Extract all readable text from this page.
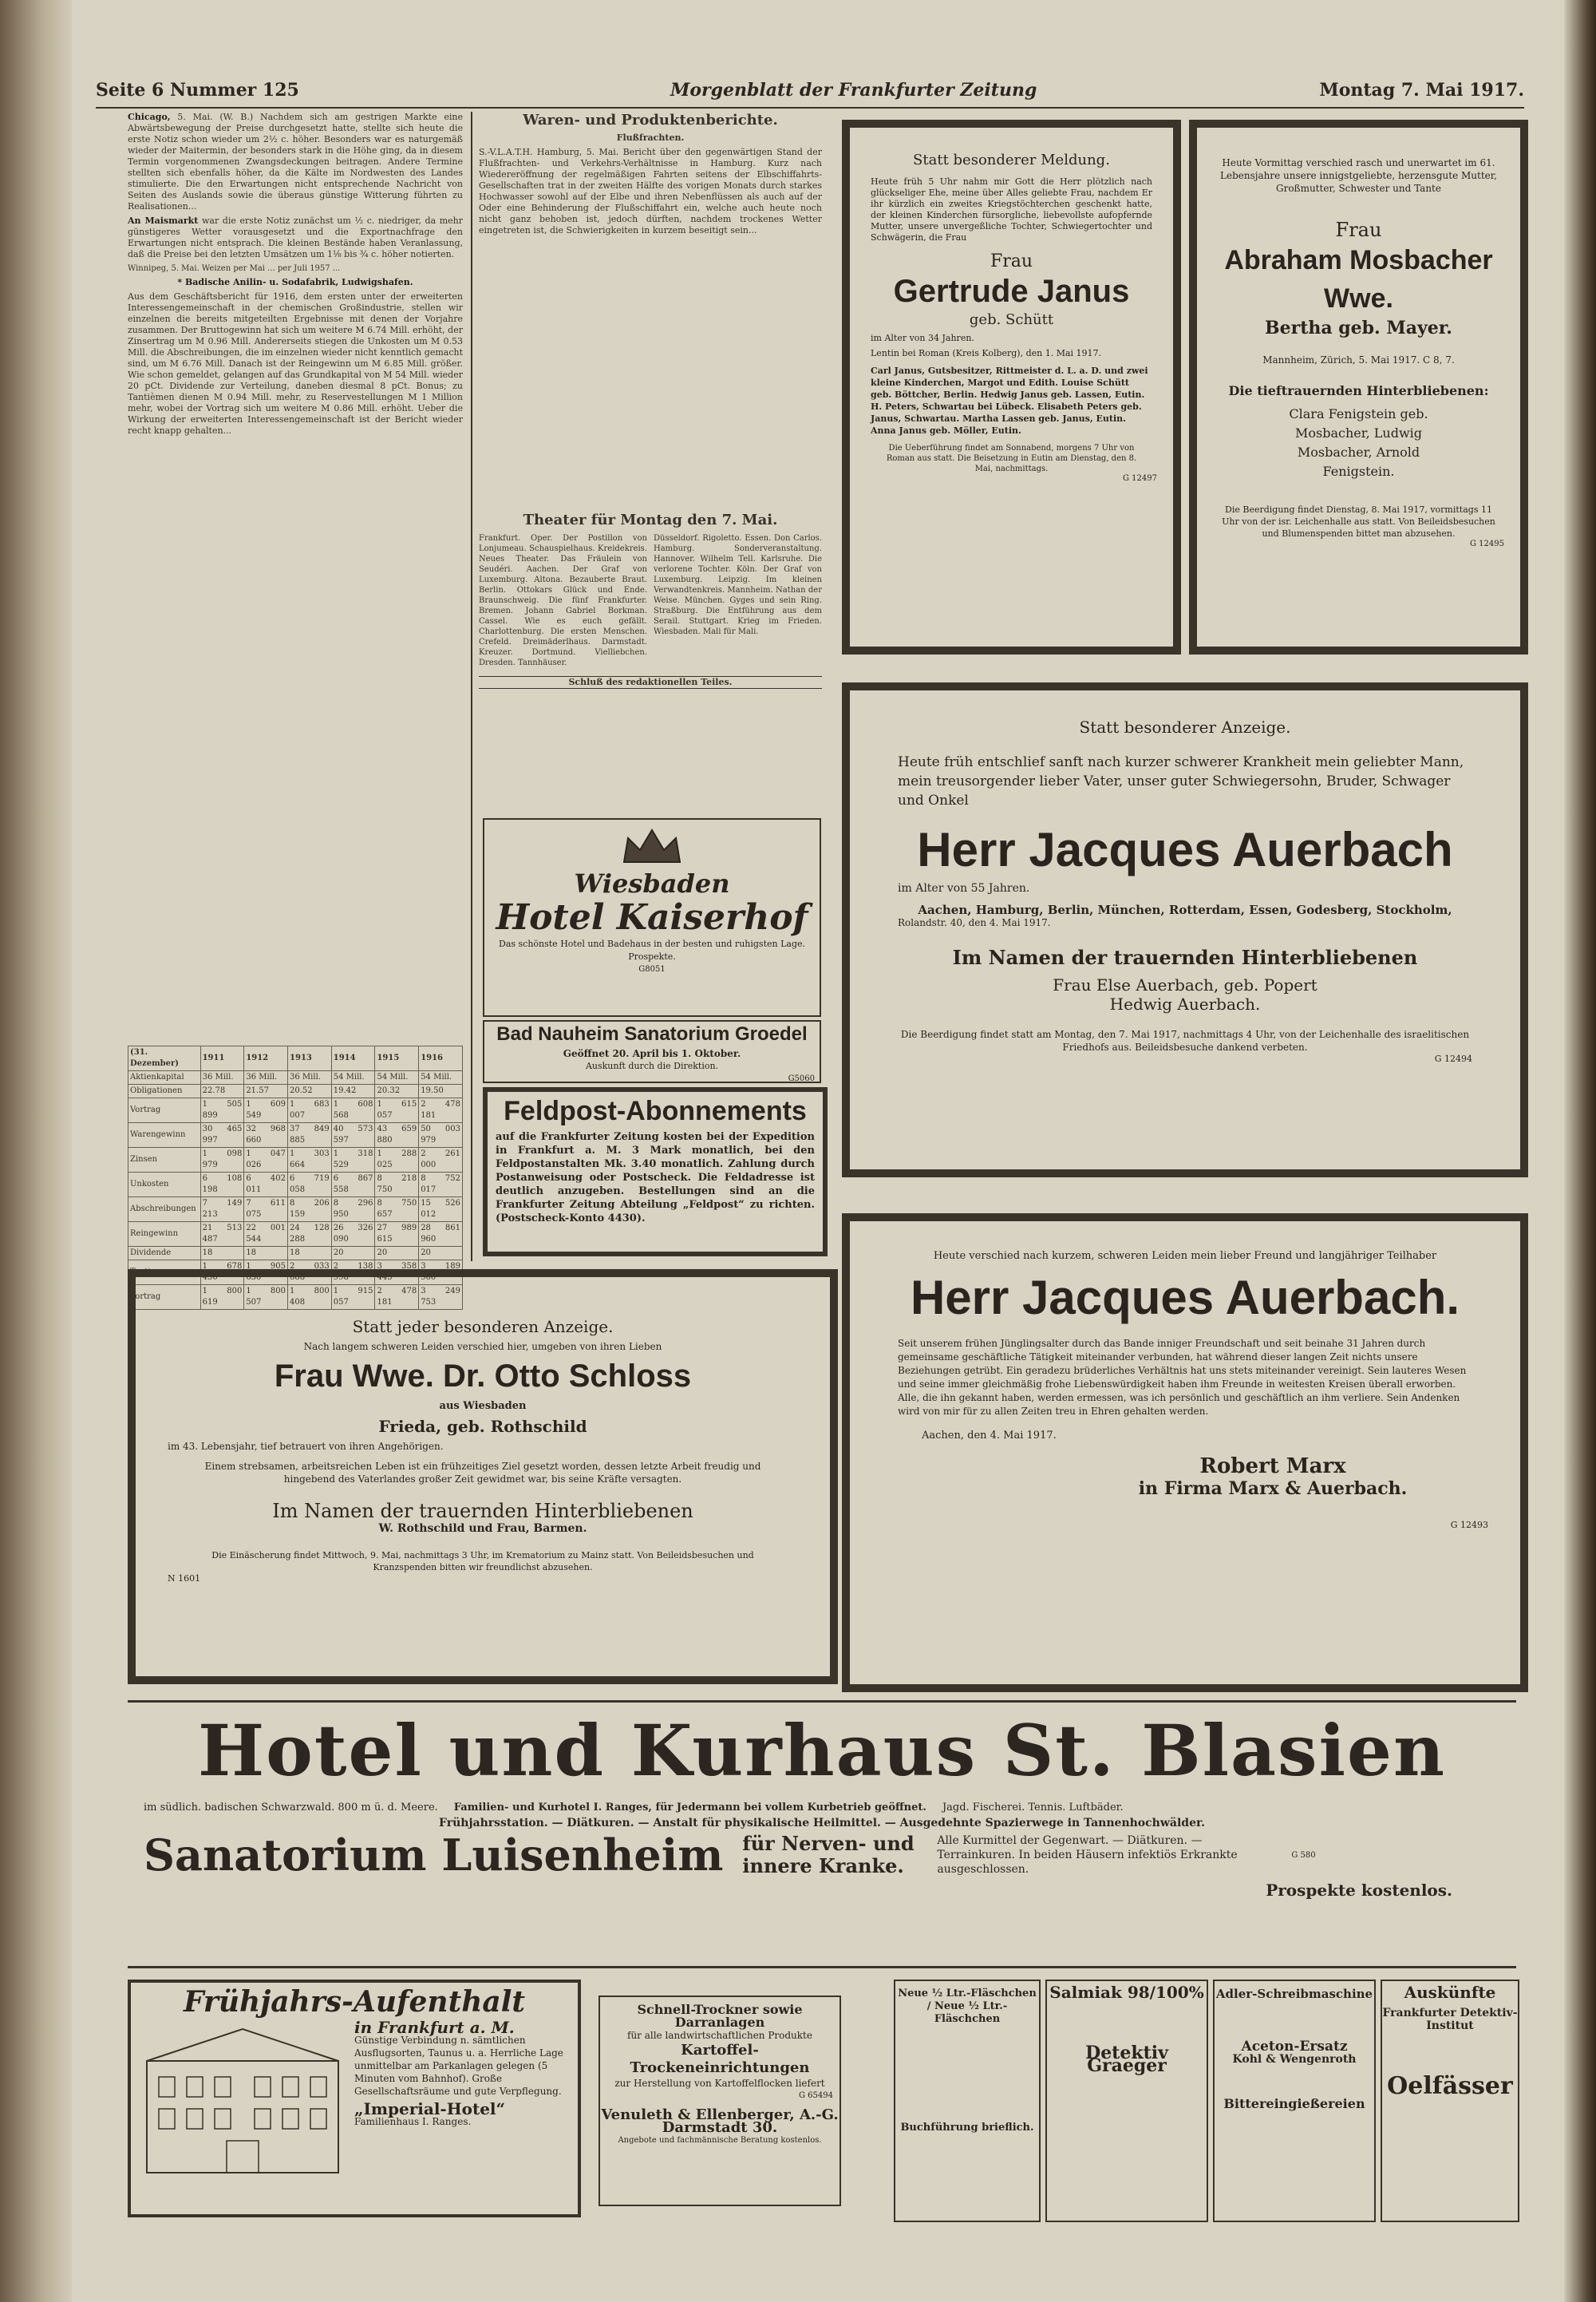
Seite 6 Nummer 125	Morgenblatt der Frankfurter Zeitung	Montag 7. Mai 1917.

Chicago, 5. Mai. (W. B.) Nachdem sich am gestrigen Markte eine Abwärtsbewegung der Preise durchgesetzt hatte, stellte sich heute die erste Notiz schon wieder um 2½ c. höher. Besonders war es naturgemäß wieder der Maitermin, der besonders stark in die Höhe ging, da in diesem Termin vorgenommenen Zwangsdeckungen beitragen. Andere Termine stellten sich ebenfalls höher, da die Kälte im Nordwesten des Landes stimulierte. Die den Erwartungen nicht entsprechende Nachricht von Seiten des Auslands sowie die überaus günstige Witterung führten zu Realisationen...

An Maismarkt war die erste Notiz zunächst um ½ c. niedriger, da mehr günstigeres Wetter vorausgesetzt und die Exportnachfrage den Erwartungen nicht entsprach. Die kleinen Bestände haben Veranlassung, daß die Preise bei den letzten Umsätzen um 1⅛ bis ¾ c. höher notierten.

Winnipeg, 5. Mai. Weizen per Mai ... per Juli 1957 ...

* Badische Anilin- u. Sodafabrik, Ludwigshafen.

Aus dem Geschäftsbericht für 1916, dem ersten unter der erweiterten Interessengemeinschaft in der chemischen Großindustrie, stellen wir einzelnen die bereits mitgeteilten Ergebnisse mit denen der Vorjahre zusammen. Der Bruttogewinn hat sich um weitere M 6.74 Mill. erhöht, der Zinsertrag um M 0.96 Mill. Andererseits stiegen die Unkosten um M 0.53 Mill. die Abschreibungen, die im einzelnen wieder nicht kenntlich gemacht sind, um M 6.76 Mill. Danach ist der Reingewinn um M 6.85 Mill. größer. Wie schon gemeldet, gelangen auf das Grundkapital von M 54 Mill. wieder 20 pCt. Dividende zur Verteilung, daneben diesmal 8 pCt. Bonus; zu Tantièmen dienen M 0.94 Mill. mehr, zu Reservestellungen M 1 Million mehr, wobei der Vortrag sich um weitere M 0.86 Mill. erhöht. Ueber die Wirkung der erweiterten Interessengemeinschaft ist der Bericht wieder recht knapp gehalten...

(31. Dezember)	1911	1912	1913	1914	1915	1916
Aktienkapital	36 Mill.	36 Mill.	36 Mill.	54 Mill.	54 Mill.	54 Mill.
Obligationen	22.78	21.57	20.52	19.42	20.32	19.50
Vortrag	1 505 899	1 609 549	1 683 007	1 608 568	1 615 057	2 478 181
Warengewinn	30 465 997	32 968 660	37 849 885	40 573 597	43 659 880	50 003 979
Zinsen	1 098 979	1 047 026	1 303 664	1 318 529	1 288 025	2 261 000
Unkosten	6 108 198	6 402 011	6 719 058	6 867 558	8 218 750	8 752 017
Abschreibungen	7 149 213	7 611 075	8 206 159	8 296 950	8 750 657	15 526 012
Reingewinn	21 513 487	22 001 544	24 128 288	26 326 090	27 989 615	28 861 960
Dividende	18	18	18	20	20	20
Tantieme	1 678 430	1 905 630	2 033 688	2 138 998	3 358 445	3 189 960
Vortrag	1 800 619	1 800 507	1 800 408	1 915 057	2 478 181	3 249 753

Waren- und Produktenberichte.

Flußfrachten.

S.-V.L.A.T.H. Hamburg, 5. Mai. Bericht über den gegenwärtigen Stand der Flußfrachten- und Verkehrs-Verhältnisse in Hamburg. Kurz nach Wiedereröffnung der regelmäßigen Fahrten seitens der Elbschiffahrts-Gesellschaften trat in der zweiten Hälfte des vorigen Monats durch starkes Hochwasser sowohl auf der Elbe und ihren Nebenflüssen als auch auf der Oder eine Behinderung der Flußschiffahrt ein, welche auch heute noch nicht ganz behoben ist, jedoch dürften, nachdem trockenes Wetter eingetreten ist, die Schwierigkeiten in kurzem beseitigt sein...

Theater für Montag den 7. Mai.

Frankfurt. Oper. Der Postillon von Lonjumeau. Schauspielhaus. Kreidekreis. Neues Theater. Das Fräulein von Seudéri. Aachen. Der Graf von Luxemburg. Altona. Bezauberte Braut. Berlin. Ottokars Glück und Ende. Braunschweig. Die fünf Frankfurter. Bremen. Johann Gabriel Borkman. Cassel. Wie es euch gefällt. Charlottenburg. Die ersten Menschen. Crefeld. Dreimäderlhaus. Darmstadt. Kreuzer. Dortmund. Vielliebchen. Dresden. Tannhäuser.

Düsseldorf. Rigoletto. Essen. Don Carlos. Hamburg. Sonderveranstaltung. Hannover. Wilhelm Tell. Karlsruhe. Die verlorene Tochter. Köln. Der Graf von Luxemburg. Leipzig. Im kleinen Verwandtenkreis. Mannheim. Nathan der Weise. München. Gyges und sein Ring. Straßburg. Die Entführung aus dem Serail. Stuttgart. Krieg im Frieden. Wiesbaden. Mali für Mali.

Schluß des redaktionellen Teiles.

Wiesbaden
Hotel Kaiserhof
Das schönste Hotel und Badehaus in der besten und ruhigsten Lage. Prospekte.
G8051
Bad Nauheim Sanatorium Groedel
Geöffnet 20. April bis 1. Oktober.
Auskunft durch die Direktion.
G5060
Feldpost-Abonnements
auf die Frankfurter Zeitung kosten bei der Expedition in Frankfurt a. M. 3 Mark monatlich, bei den Feldpostanstalten Mk. 3.40 monatlich. Zahlung durch Postanweisung oder Postscheck. Die Feldadresse ist deutlich anzugeben. Bestellungen sind an die Frankfurter Zeitung Abteilung „Feldpost“ zu richten. (Postscheck-Konto 4430).
Statt besonderer Meldung.
Heute früh 5 Uhr nahm mir Gott die Herr plötzlich nach glückseliger Ehe, meine über Alles geliebte Frau, nachdem Er ihr kürzlich ein zweites Kriegstöchterchen geschenkt hatte, der kleinen Kinderchen fürsorgliche, liebevollste aufopfernde Mutter, unsere unvergeßliche Tochter, Schwiegertochter und Schwägerin, die Frau
Frau
Gertrude Janus
geb. Schütt
im Alter von 34 Jahren.
Lentin bei Roman (Kreis Kolberg), den 1. Mai 1917.
Carl Janus, Gutsbesitzer, Rittmeister d. L. a. D. und zwei kleine Kinderchen, Margot und Edith. Louise Schütt geb. Böttcher, Berlin. Hedwig Janus geb. Lassen, Eutin. H. Peters, Schwartau bei Lübeck. Elisabeth Peters geb. Janus, Schwartau. Martha Lassen geb. Janus, Eutin. Anna Janus geb. Möller, Eutin.
Die Ueberführung findet am Sonnabend, morgens 7 Uhr von Roman aus statt. Die Beisetzung in Eutin am Dienstag, den 8. Mai, nachmittags.
G 12497
Heute Vormittag verschied rasch und unerwartet im 61. Lebensjahre unsere innigstgeliebte, herzensgute Mutter, Großmutter, Schwester und Tante
Frau
Abraham Mosbacher Wwe.
Bertha geb. Mayer.
Mannheim, Zürich, 5. Mai 1917. C 8, 7.
Die tieftrauernden Hinterbliebenen:
Clara Fenigstein geb. Mosbacher, Ludwig Mosbacher, Arnold Fenigstein.
Die Beerdigung findet Dienstag, 8. Mai 1917, vormittags 11 Uhr von der isr. Leichenhalle aus statt. Von Beileidsbesuchen und Blumenspenden bittet man abzusehen.
G 12495
Statt besonderer Anzeige.
Heute früh entschlief sanft nach kurzer schwerer Krankheit mein geliebter Mann, mein treusorgender lieber Vater, unser guter Schwiegersohn, Bruder, Schwager und Onkel
Herr Jacques Auerbach
im Alter von 55 Jahren.
Aachen, Hamburg, Berlin, München, Rotterdam, Essen, Godesberg, Stockholm,
Rolandstr. 40, den 4. Mai 1917.
Im Namen der trauernden Hinterbliebenen
Frau Else Auerbach, geb. Popert
Hedwig Auerbach.
Die Beerdigung findet statt am Montag, den 7. Mai 1917, nachmittags 4 Uhr, von der Leichenhalle des israelitischen Friedhofs aus. Beileidsbesuche dankend verbeten.
G 12494
Heute verschied nach kurzem, schweren Leiden mein lieber Freund und langjähriger Teilhaber
Herr Jacques Auerbach.
Seit unserem frühen Jünglingsalter durch das Bande inniger Freundschaft und seit beinahe 31 Jahren durch gemeinsame geschäftliche Tätigkeit miteinander verbunden, hat während dieser langen Zeit nichts unsere Beziehungen getrübt. Ein geradezu brüderliches Verhältnis hat uns stets miteinander vereinigt. Sein lauteres Wesen und seine immer gleichmäßig frohe Liebenswürdigkeit haben ihm Freunde in weitesten Kreisen überall erworben. Alle, die ihn gekannt haben, werden ermessen, was ich persönlich und geschäftlich an ihm verliere. Sein Andenken wird von mir für zu allen Zeiten treu in Ehren gehalten werden.
Aachen, den 4. Mai 1917.
Robert Marx
in Firma Marx & Auerbach.
G 12493
Statt jeder besonderen Anzeige.
Nach langem schweren Leiden verschied hier, umgeben von ihren Lieben
Frau Wwe. Dr. Otto Schloss
aus Wiesbaden
Frieda, geb. Rothschild
im 43. Lebensjahr, tief betrauert von ihren Angehörigen.
Einem strebsamen, arbeitsreichen Leben ist ein frühzeitiges Ziel gesetzt worden, dessen letzte Arbeit freudig und hingebend des Vaterlandes großer Zeit gewidmet war, bis seine Kräfte versagten.
Im Namen der trauernden Hinterbliebenen
W. Rothschild und Frau, Barmen.
Die Einäscherung findet Mittwoch, 9. Mai, nachmittags 3 Uhr, im Krematorium zu Mainz statt. Von Beileidsbesuchen und Kranzspenden bitten wir freundlichst abzusehen.
N 1601
Hotel und Kurhaus St. Blasien
im südlich. badischen Schwarzwald. 800 m ü. d. Meere. Familien- und Kurhotel I. Ranges, für Jedermann bei vollem Kurbetrieb geöffnet. Jagd. Fischerei. Tennis. Luftbäder.
Frühjahrsstation. — Diätkuren. — Anstalt für physikalische Heilmittel. — Ausgedehnte Spazierwege in Tannenhochwälder.
Sanatorium Luisenheim für Nerven- und innere Kranke.
Alle Kurmittel der Gegenwart. — Diätkuren. — Terrainkuren. In beiden Häusern infektiös Erkrankte ausgeschlossen.
G 580
Prospekte kostenlos.
Frühjahrs-Aufenthalt
in Frankfurt a. M.
Günstige Verbindung n. sämtlichen Ausflugsorten, Taunus u. a. Herrliche Lage unmittelbar am Parkanlagen gelegen (5 Minuten vom Bahnhof). Große Gesellschaftsräume und gute Verpflegung.
„Imperial-Hotel“
Familienhaus I. Ranges.
Schnell-Trockner sowie Darranlagen
für alle landwirtschaftlichen Produkte
Kartoffel-Trockeneinrichtungen
zur Herstellung von Kartoffelflocken liefert
G 65494
Venuleth & Ellenberger, A.-G.
Darmstadt 30.
Angebote und fachmännische Beratung kostenlos.
Neue ½ Ltr.-Fläschchen / Neue ½ Ltr.-Fläschchen
Buchführung brieflich.
Salmiak 98/100%
Detektiv Graeger
Adler-Schreibmaschine
Aceton-Ersatz
Kohl & Wengenroth
Bittereingießereien
Auskünfte
Frankfurter Detektiv-Institut
Oelfässer
